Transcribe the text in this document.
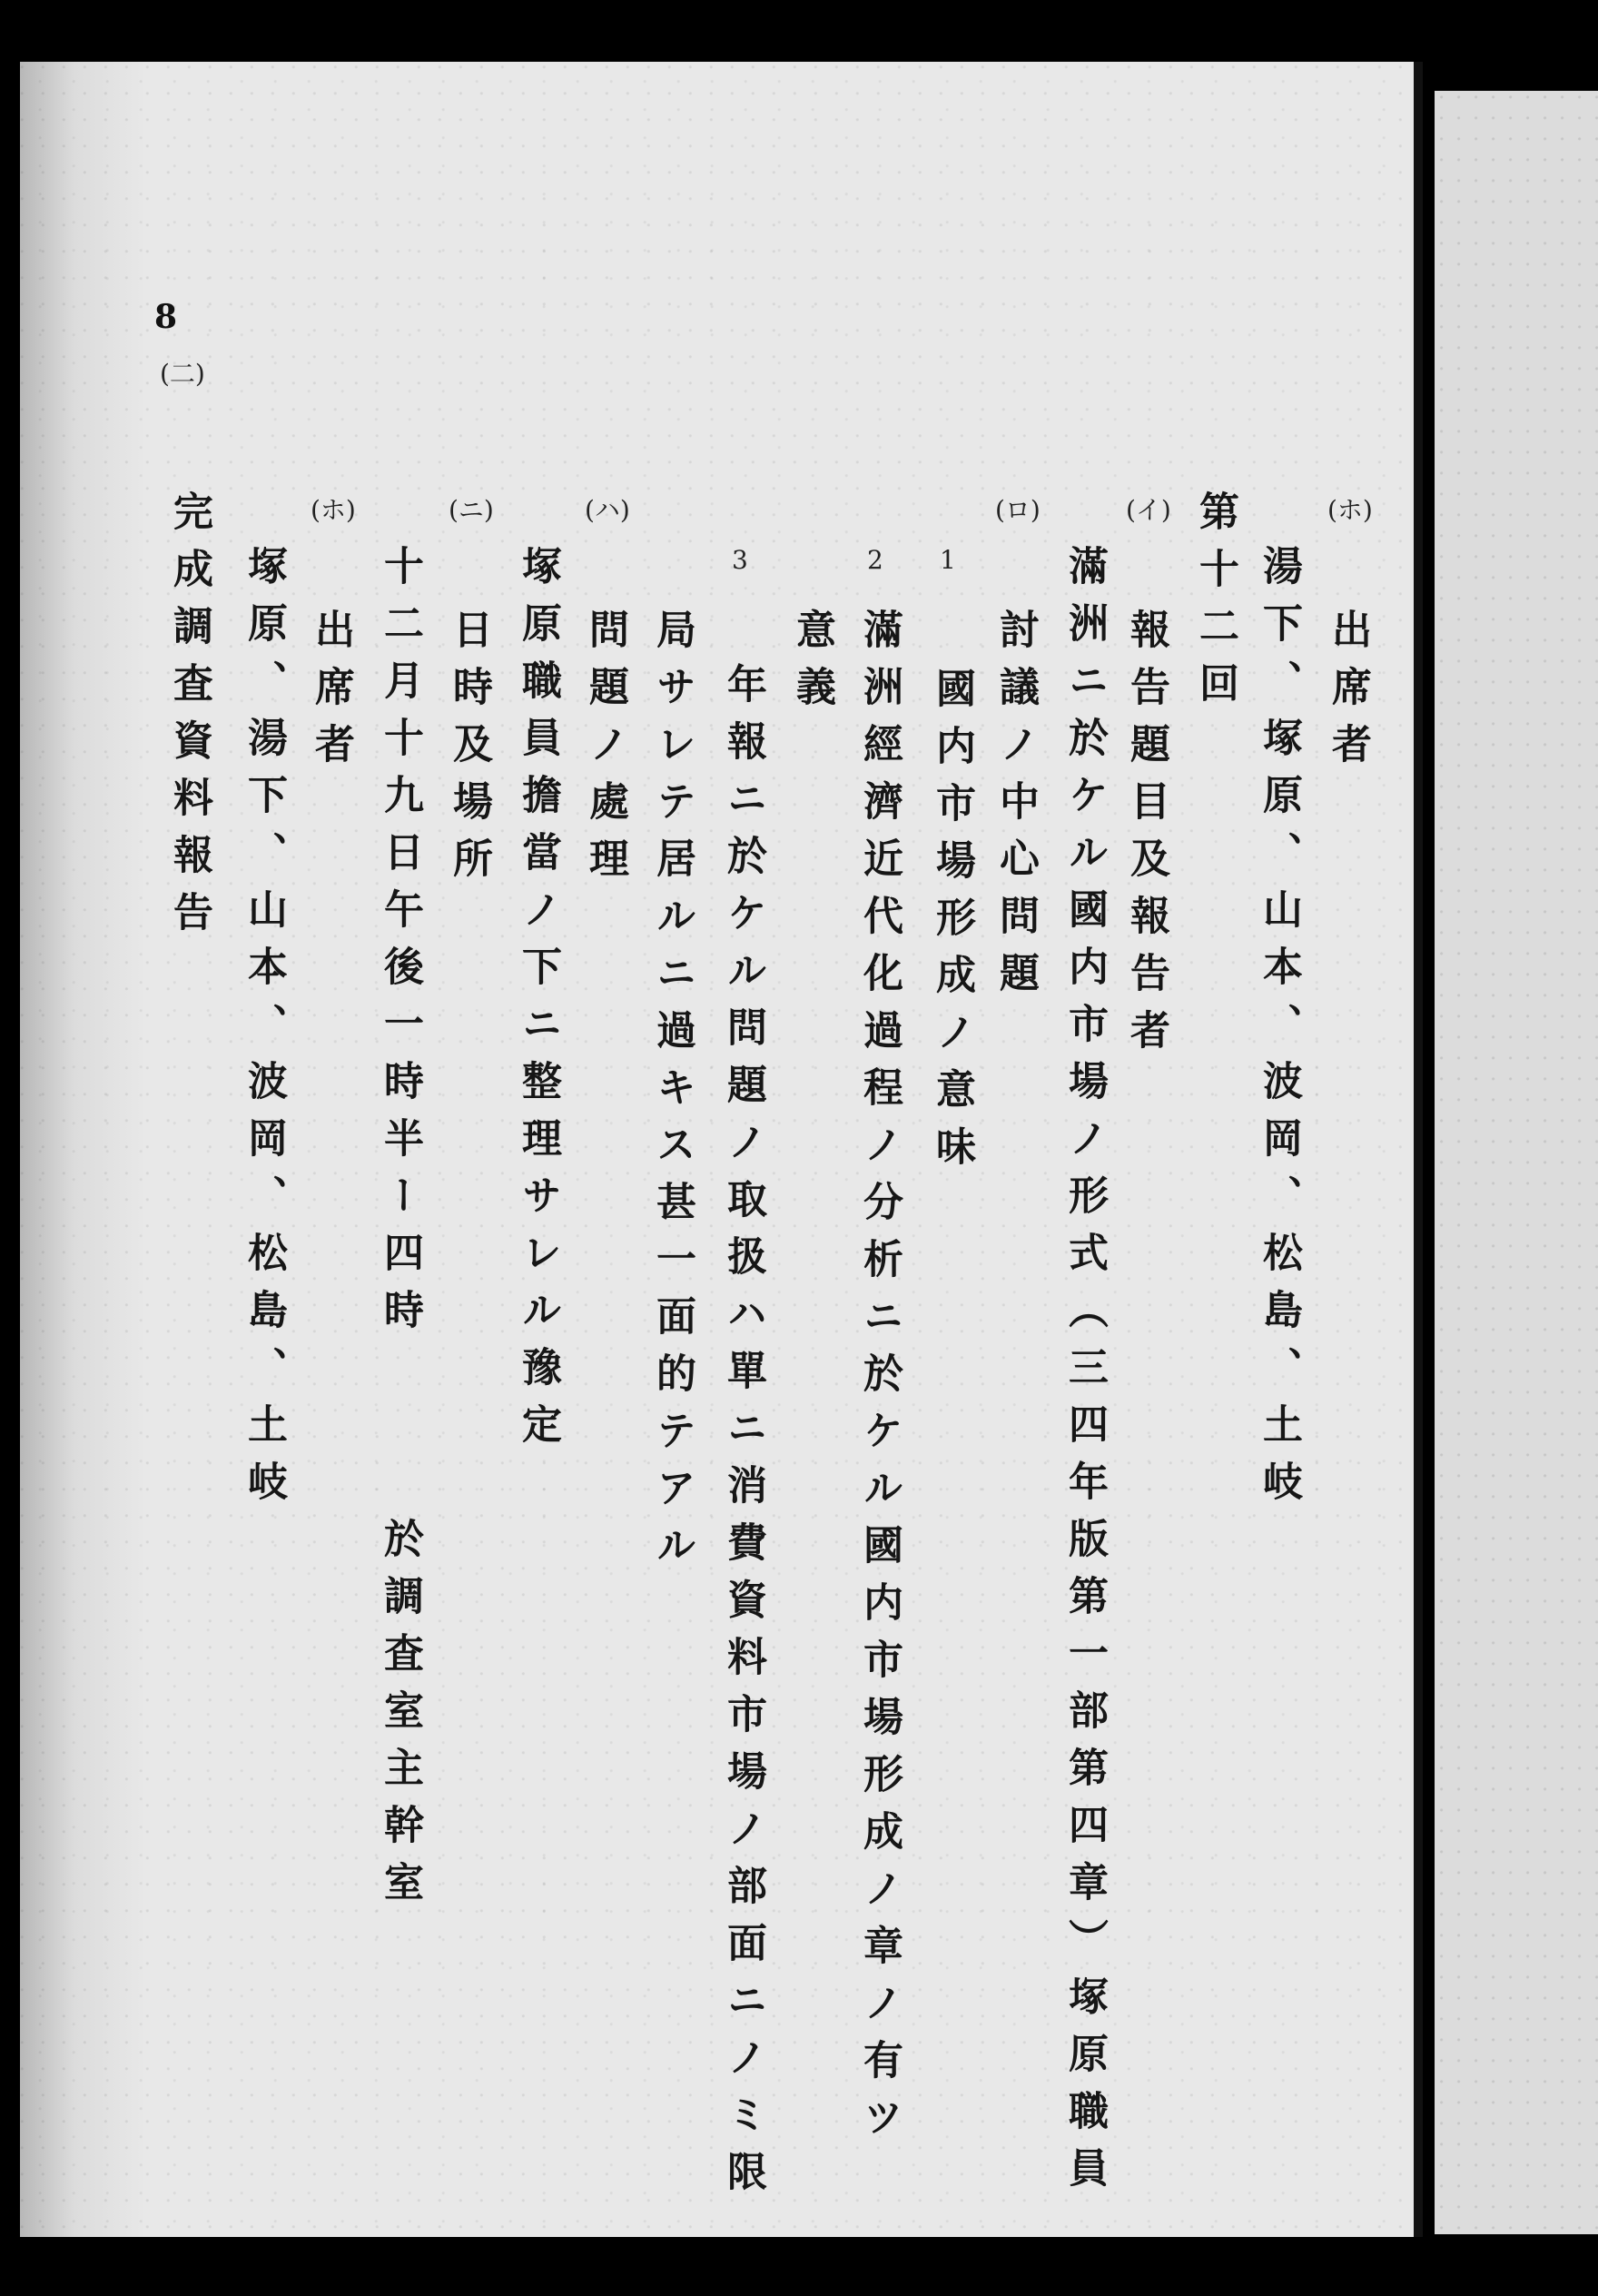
8
(ホ)
出席者
湯下、塚原、山本、波岡、松島、土岐
第十二回
(イ)
報告題目及報告者
滿洲ニ於ケル國内市場ノ形式（三四年版第一部第四章）塚原職員
(ロ)
討議ノ中心問題
1
國内市場形成ノ意味
2
滿洲經濟近代化過程ノ分析ニ於ケル國内市場形成ノ章ノ有ツ
意義
3
年報ニ於ケル問題ノ取扱ハ單ニ消費資料市場ノ部面ニノミ限
局サレテ居ルニ過キス甚一面的テアル
(ハ)
問題ノ處理
塚原職員擔當ノ下ニ整理サレル豫定
(ニ)
日時及場所
十二月十九日午後一時半ー四時　　　於調査室主幹室
(ホ)
出席者
塚原、湯下、山本、波岡、松島、土岐
(二)
完成調査資料報告
